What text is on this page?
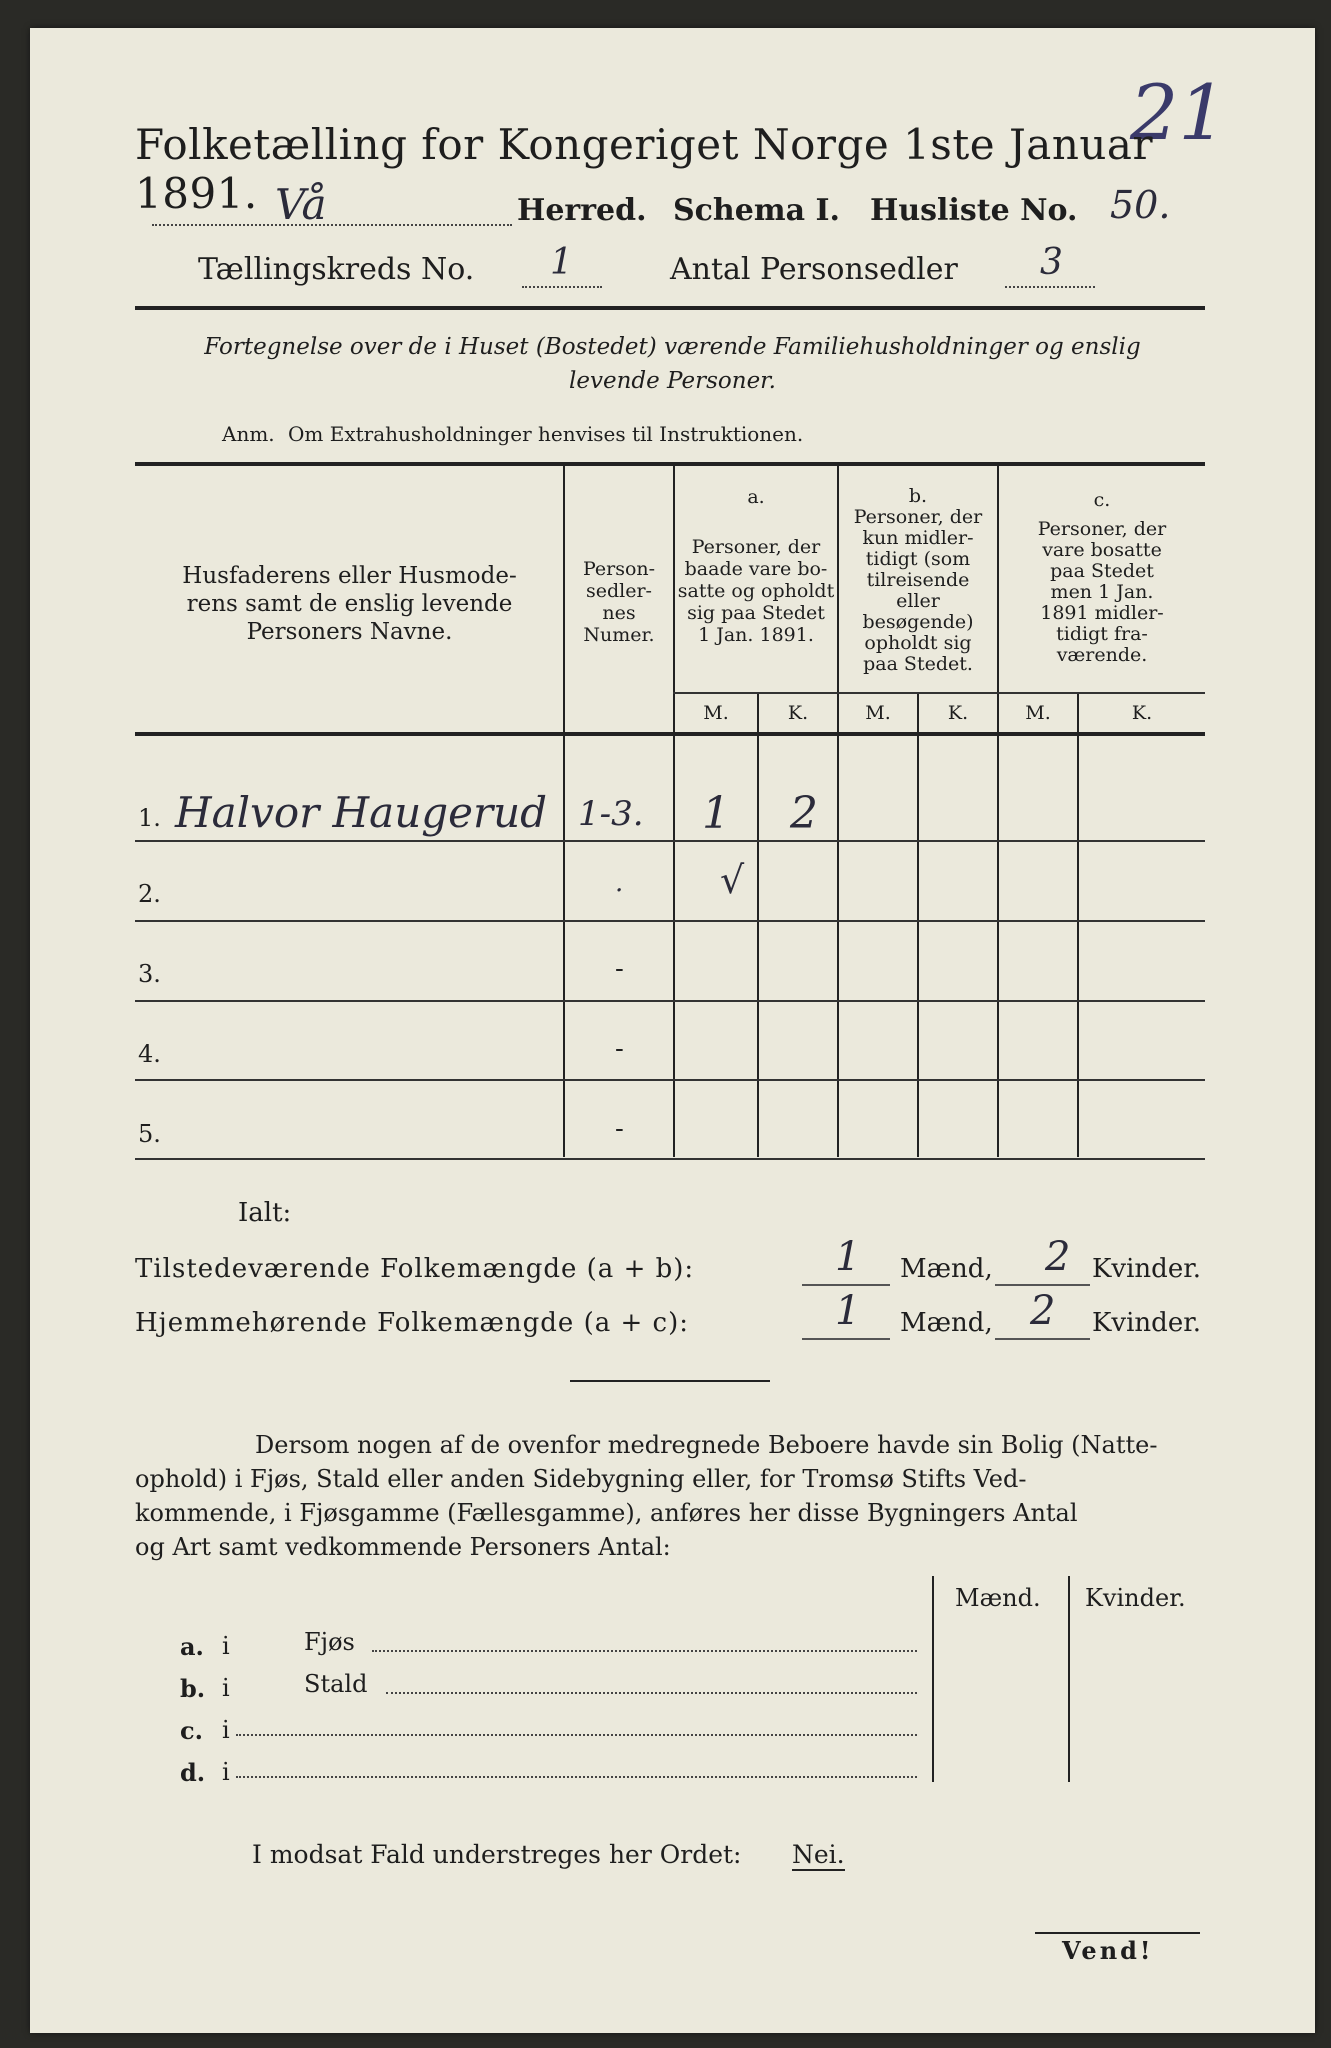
21
Folketælling for Kongeriget Norge 1ste Januar 1891. Vå	Herred. Schema I. Husliste No. 50.
Tællingskreds No. 1	Antal Personsedler 3
Fortegnelse over de i Huset (Bostedet) værende Familiehusholdninger og enslig
levende Personer.
Anm. Om Extrahusholdninger henvises til Instruktionen.
Husfaderens eller Husmode-
rens samt de enslig levende
Personers Navne.
Person-
sedler-
nes
Numer.
a.
Personer, der
baade vare bo-
satte og opholdt
sig paa Stedet
1 Jan. 1891.
b.
Personer, der
kun midler-
tidigt (som
tilreisende
eller
besøgende)
opholdt sig
paa Stedet.
c.
Personer, der
vare bosatte
paa Stedet
men 1 Jan.
1891 midler-
tidigt fra-
værende.
M.	K.	M.	K.	M.	K.
1. Halvor Haugerud 1-3. 1 2
2.	.	√
3.	-
4.	-
5.	-
Ialt:
Tilstedeværende Folkemængde (a + b):	1 Mænd, 2 Kvinder.
Hjemmehørende Folkemængde (a + c):	1 Mænd, 2 Kvinder.
Dersom nogen af de ovenfor medregnede Beboere havde sin Bolig (Natte-
ophold) i Fjøs, Stald eller anden Sidebygning eller, for Tromsø Stifts Ved-
kommende, i Fjøsgamme (Fællesgamme), anføres her disse Bygningers Antal
og Art samt vedkommende Personers Antal:
Mænd. Kvinder.
a. i	Fjøs
b. i	Stald
c. i
d. i
I modsat Fald understreges her Ordet: Nei.
Vend!
